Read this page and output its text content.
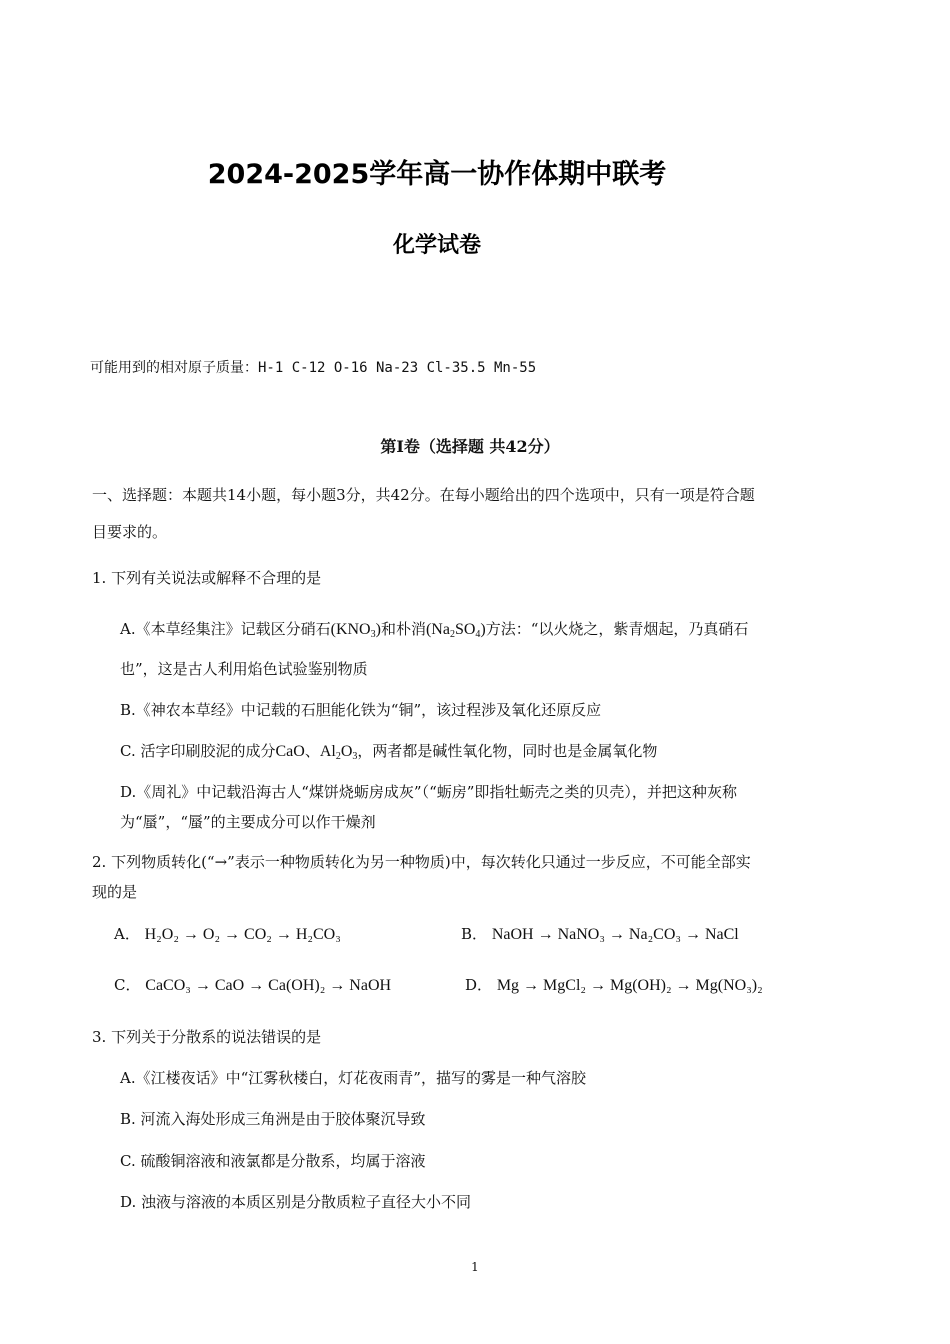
2024-2025学年高一协作体期中联考
化学试卷
可能用到的相对原子质量：H-1 C-12 O-16 Na-23 Cl-35.5 Mn-55
第Ⅰ卷（选择题 共42分）
一、选择题：本题共14小题，每小题3分，共42分。在每小题给出的四个选项中，只有一项是符合题
目要求的。
1. 下列有关说法或解释不合理的是
A.《本草经集注》记载区分硝石$(KNO_3)$和朴消$(Na_2SO_4)$方法：“以火烧之，紫青烟起，乃真硝石
也”，这是古人利用焰色试验鉴别物质
B.《神农本草经》中记载的石胆能化铁为“铜”，该过程涉及氧化还原反应
C. 活字印刷胶泥的成分CaO、$Al_2O_3$，两者都是碱性氧化物，同时也是金属氧化物
D.《周礼》中记载沿海古人“煤饼烧蛎房成灰”（“蛎房”即指牡蛎壳之类的贝壳），并把这种灰称
为“蜃”，“蜃”的主要成分可以作干燥剂
2. 下列物质转化(“→”表示一种物质转化为另一种物质)中，每次转化只通过一步反应，不可能全部实
现的是
A． H₂O₂ → O₂ → CO₂ → H₂CO₃	B． NaOH → NaNO₃ → Na₂CO₃ → NaCl
C． CaCO₃ → CaO → Ca(OH)₂ → NaOH	D． Mg → MgCl₂ → Mg(OH)₂ → Mg(NO₃)₂
3. 下列关于分散系的说法错误的是
A.《江楼夜话》中“江雾秋楼白，灯花夜雨青”，描写的雾是一种气溶胶
B. 河流入海处形成三角洲是由于胶体聚沉导致
C. 硫酸铜溶液和液氯都是分散系，均属于溶液
D. 浊液与溶液的本质区别是分散质粒子直径大小不同
1
